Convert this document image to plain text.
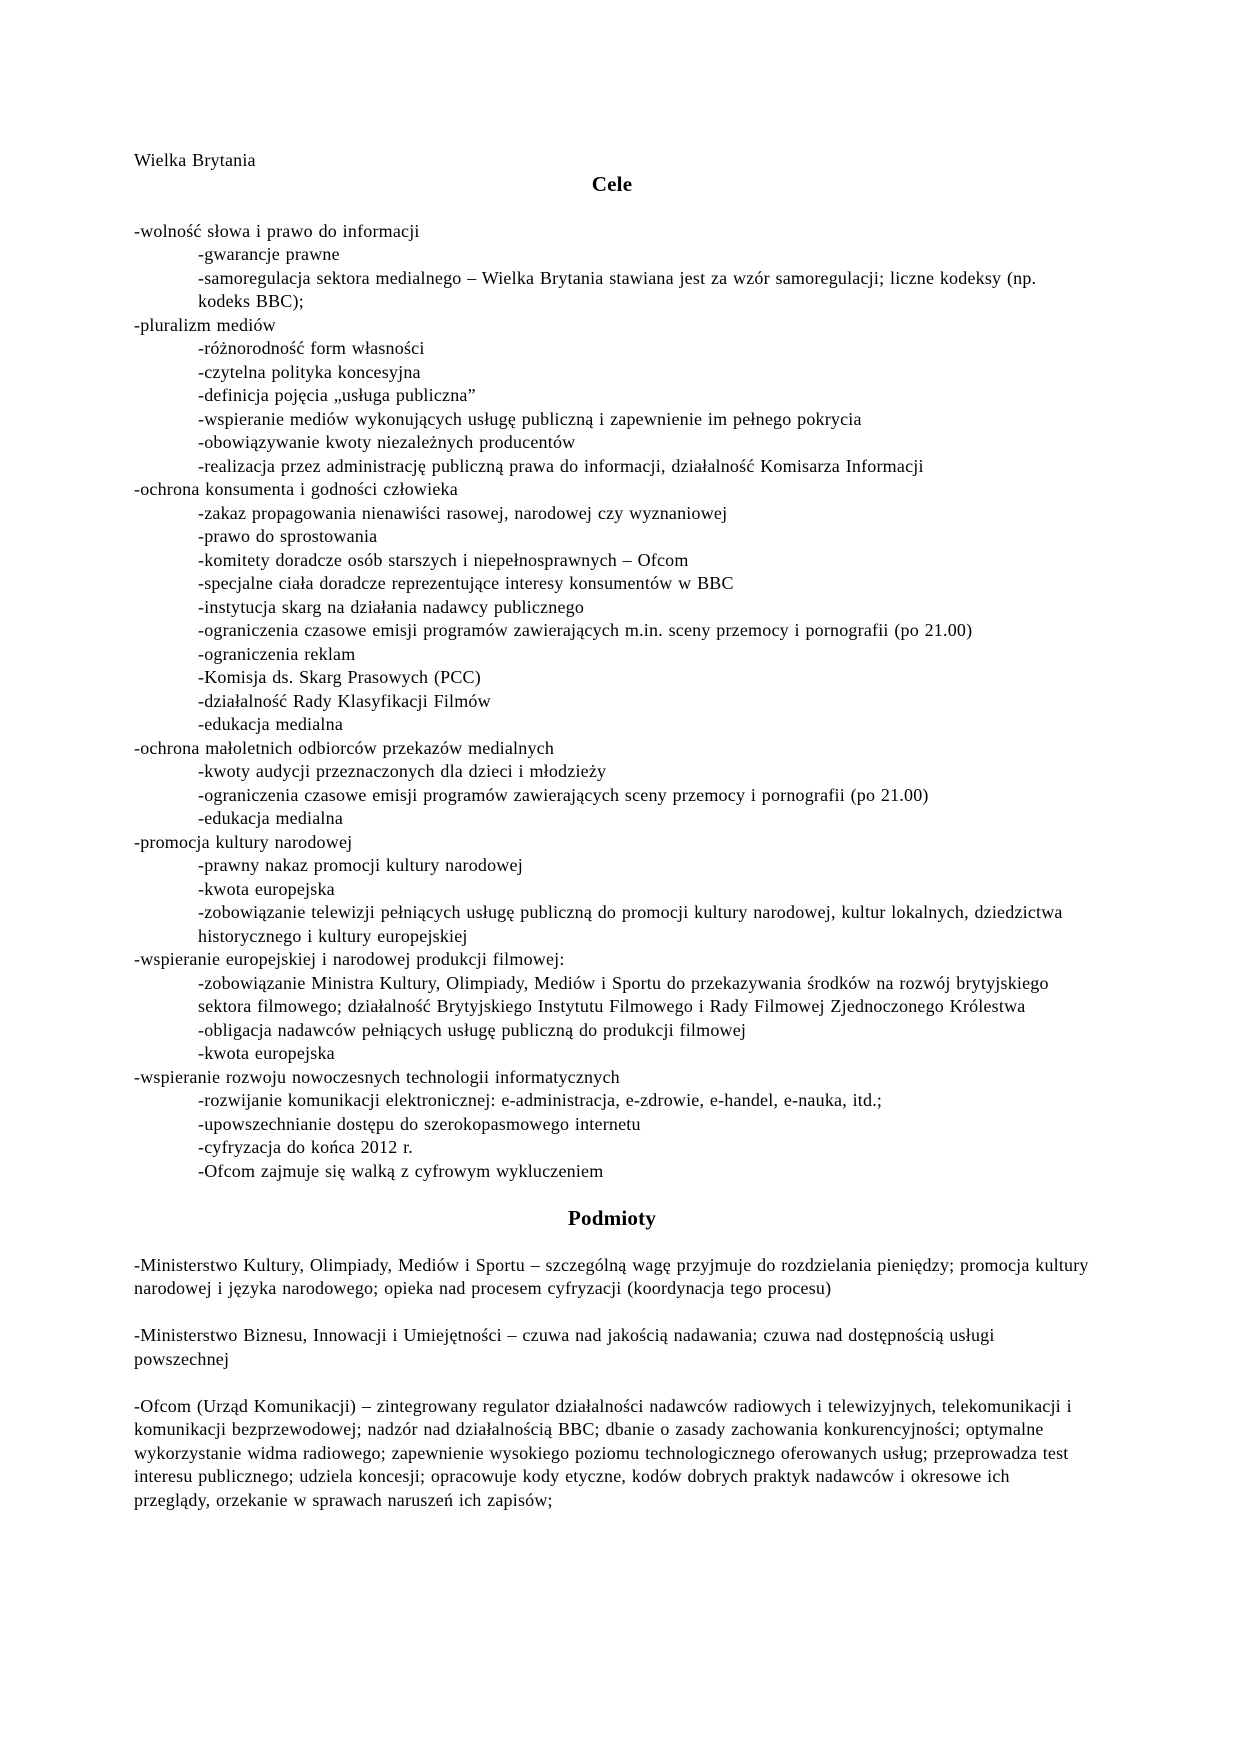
Wielka Brytania

Cele
-wolność słowa i prawo do informacji
-gwarancje prawne
-samoregulacja sektora medialnego – Wielka Brytania stawiana jest za wzór samoregulacji; liczne kodeksy (np. kodeks BBC);
-pluralizm mediów
-różnorodność form własności
-czytelna polityka koncesyjna
-definicja pojęcia „usługa publiczna”
-wspieranie mediów wykonujących usługę publiczną i zapewnienie im pełnego pokrycia
-obowiązywanie kwoty niezależnych producentów
-realizacja przez administrację publiczną prawa do informacji, działalność Komisarza Informacji
-ochrona konsumenta i godności człowieka
-zakaz propagowania nienawiści rasowej, narodowej czy wyznaniowej
-prawo do sprostowania
-komitety doradcze osób starszych i niepełnosprawnych – Ofcom
-specjalne ciała doradcze reprezentujące interesy konsumentów w BBC
-instytucja skarg na działania nadawcy publicznego
-ograniczenia czasowe emisji programów zawierających m.in. sceny przemocy i pornografii (po 21.00)
-ograniczenia reklam
-Komisja ds. Skarg Prasowych (PCC)
-działalność Rady Klasyfikacji Filmów
-edukacja medialna
-ochrona małoletnich odbiorców przekazów medialnych
-kwoty audycji przeznaczonych dla dzieci i młodzieży
-ograniczenia czasowe emisji programów zawierających sceny przemocy i pornografii (po 21.00)
-edukacja medialna
-promocja kultury narodowej
-prawny nakaz promocji kultury narodowej
-kwota europejska
-zobowiązanie telewizji pełniących usługę publiczną do promocji kultury narodowej, kultur lokalnych, dziedzictwa historycznego i kultury europejskiej
-wspieranie europejskiej i narodowej produkcji filmowej:
-zobowiązanie Ministra Kultury, Olimpiady, Mediów i Sportu do przekazywania środków na rozwój brytyjskiego sektora filmowego; działalność Brytyjskiego Instytutu Filmowego i Rady Filmowej Zjednoczonego Królestwa
-obligacja nadawców pełniących usługę publiczną do produkcji filmowej
-kwota europejska
-wspieranie rozwoju nowoczesnych technologii informatycznych
-rozwijanie komunikacji elektronicznej: e-administracja, e-zdrowie, e-handel, e-nauka, itd.;
-upowszechnianie dostępu do szerokopasmowego internetu
-cyfryzacja do końca 2012 r.
-Ofcom zajmuje się walką z cyfrowym wykluczeniem
Podmioty

-Ministerstwo Kultury, Olimpiady, Mediów i Sportu – szczególną wagę przyjmuje do rozdzielania pieniędzy; promocja kultury narodowej i języka narodowego; opieka nad procesem cyfryzacji (koordynacja tego procesu)

-Ministerstwo Biznesu, Innowacji i Umiejętności – czuwa nad jakością nadawania; czuwa nad dostępnością usługi powszechnej

-Ofcom (Urząd Komunikacji) – zintegrowany regulator działalności nadawców radiowych i telewizyjnych, telekomunikacji i komunikacji bezprzewodowej; nadzór nad działalnością BBC; dbanie o zasady zachowania konkurencyjności; optymalne wykorzystanie widma radiowego; zapewnienie wysokiego poziomu technologicznego oferowanych usług; przeprowadza test interesu publicznego; udziela koncesji; opracowuje kody etyczne, kodów dobrych praktyk nadawców i okresowe ich przeglądy, orzekanie w sprawach naruszeń ich zapisów;
